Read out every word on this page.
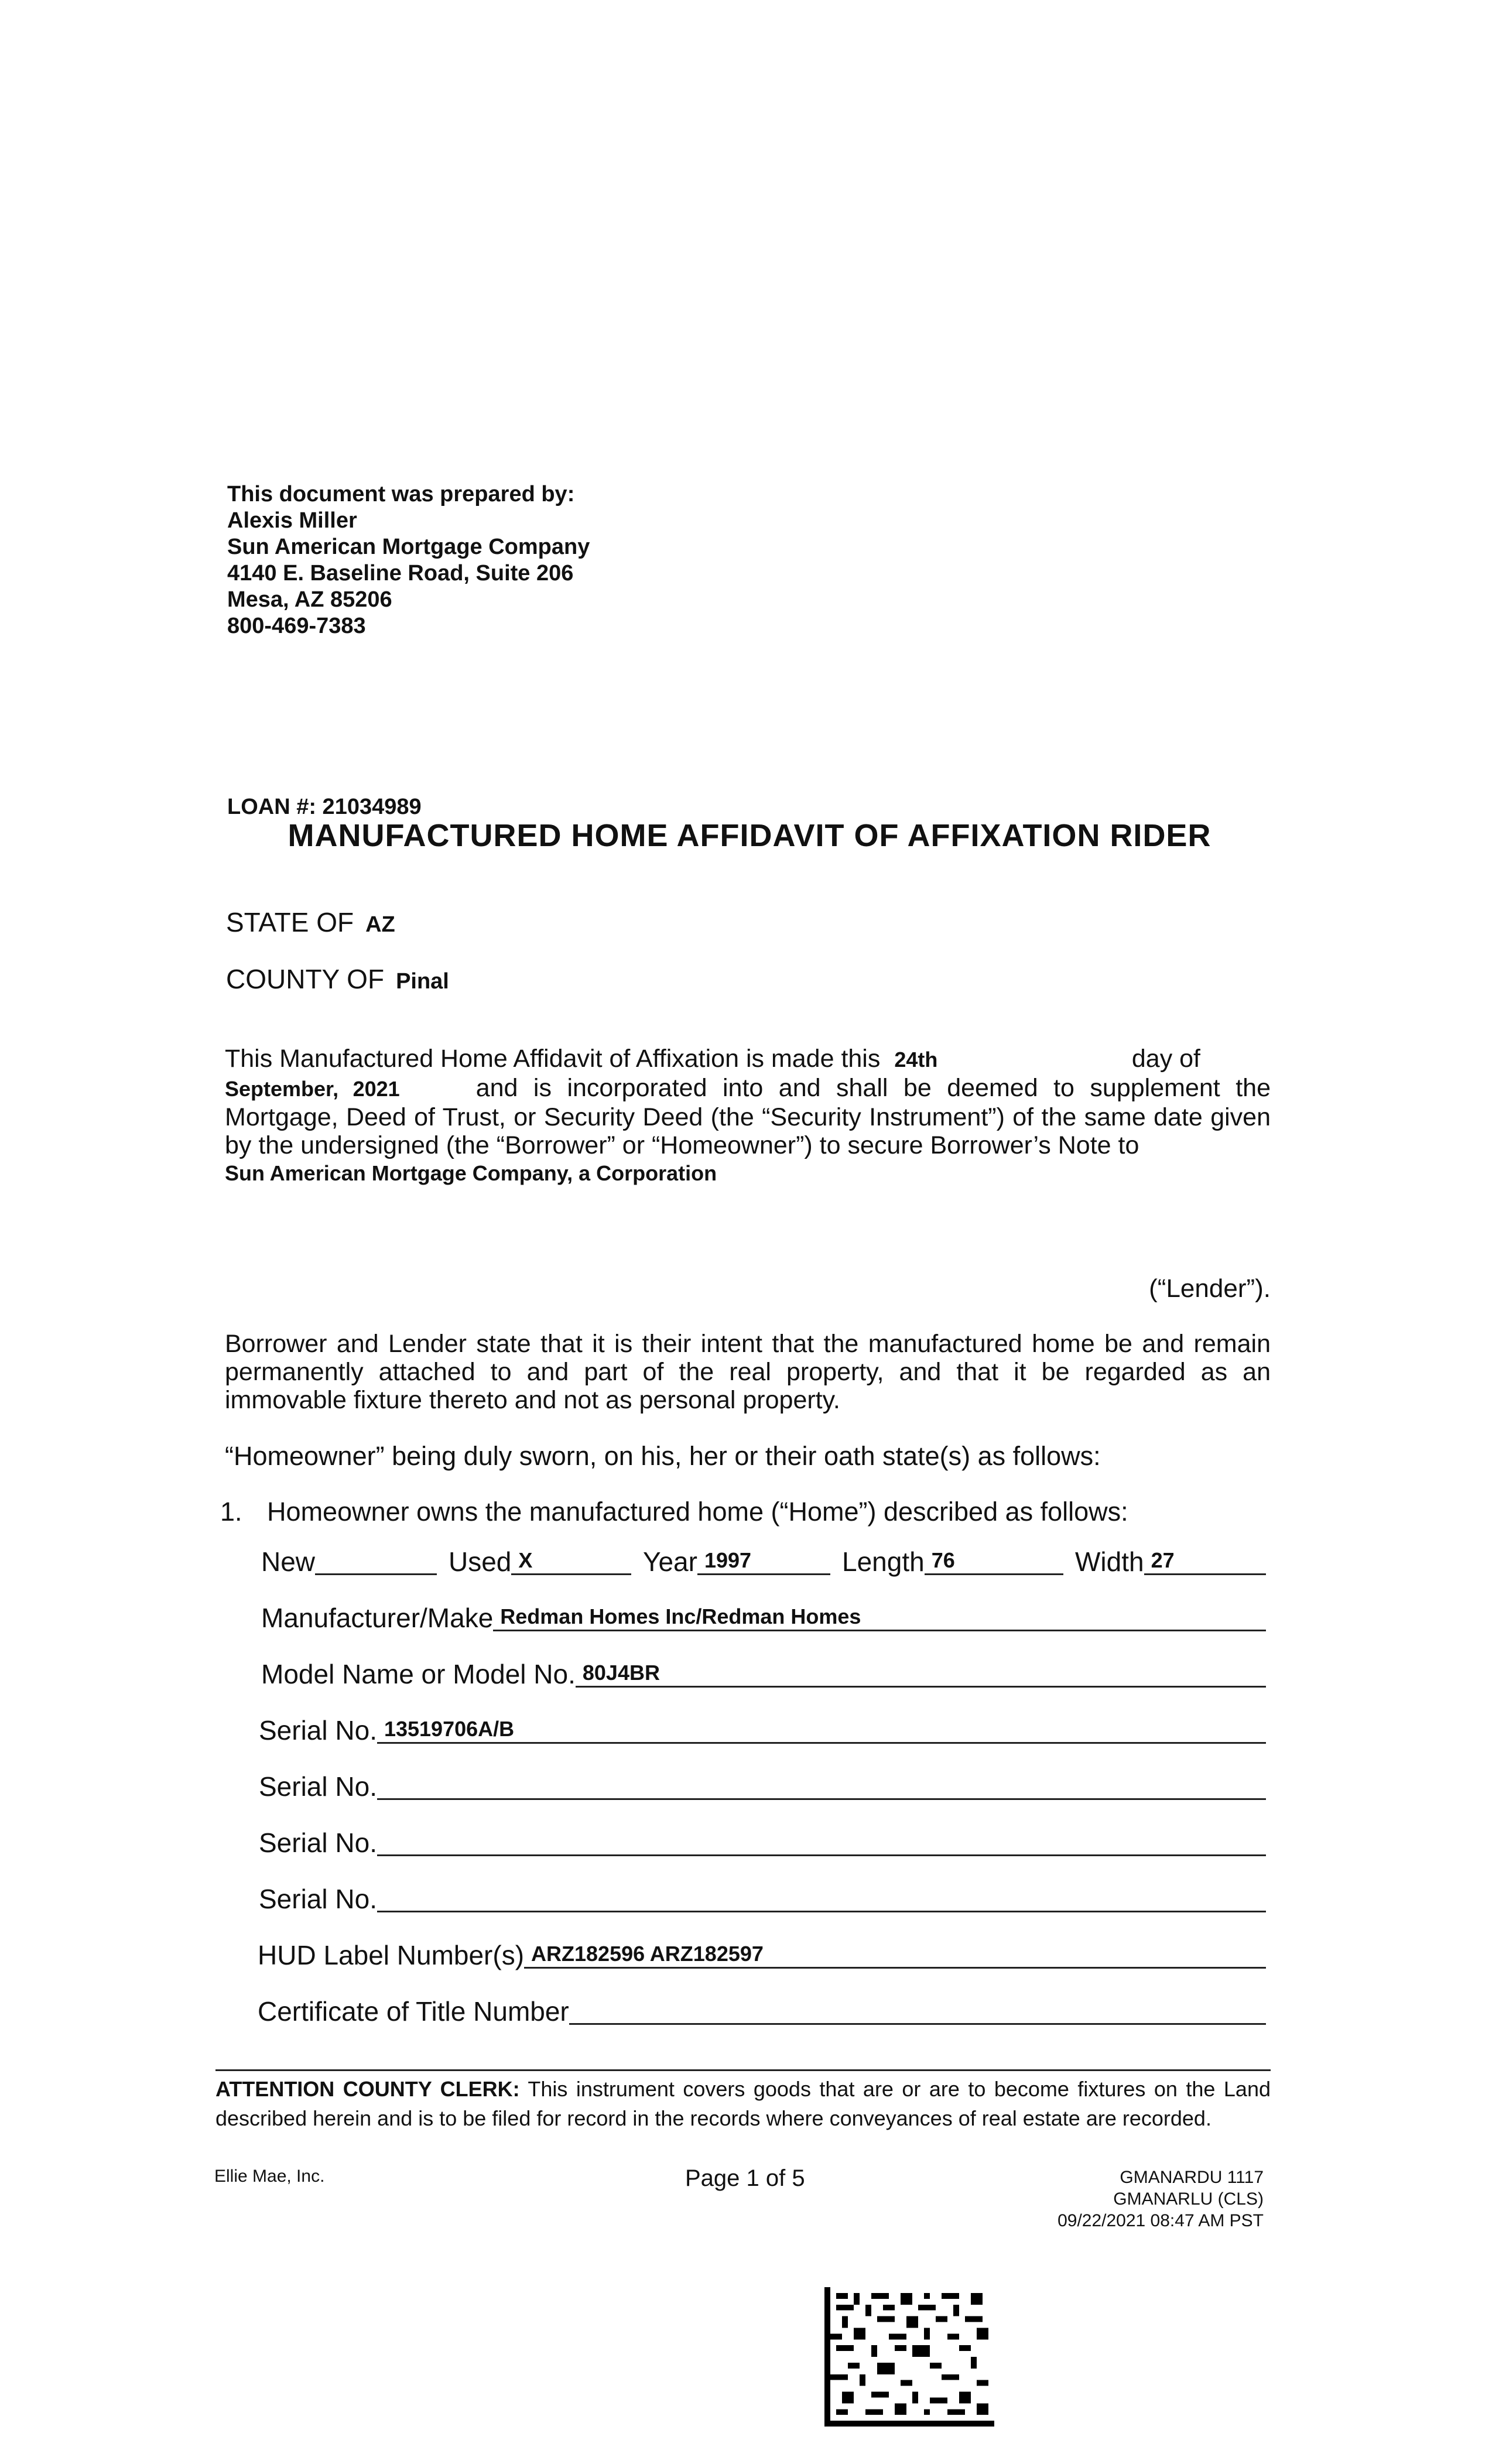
This document was prepared by:
Alexis Miller
Sun American Mortgage Company
4140 E. Baseline Road, Suite 206
Mesa, AZ 85206
800-469-7383
LOAN #: 21034989
MANUFACTURED HOME AFFIDAVIT OF AFFIXATION RIDER
STATE OF AZ
COUNTY OF Pinal
This Manufactured Home Affidavit of Affixation is made this 24th	day of
September, 2021	and is incorporated into and shall be deemed to supplement the Mortgage, Deed of Trust, or Security Deed (the “Security Instrument”) of the same date given by the undersigned (the “Borrower” or “Homeowner”) to secure Borrower’s Note to
Sun American Mortgage Company, a Corporation
(“Lender”).
Borrower and Lender state that it is their intent that the manufactured home be and remain permanently attached to and part of the real property, and that it be regarded as an immovable fixture thereto and not as personal property.
“Homeowner” being duly sworn, on his, her or their oath state(s) as follows:
1. Homeowner owns the manufactured home (“Home”) described as follows:
New	Used X	Year 1997	Length 76	Width 27
Manufacturer/Make Redman Homes Inc/Redman Homes
Model Name or Model No. 80J4BR
Serial No. 13519706A/B
Serial No.
Serial No.
Serial No.
HUD Label Number(s) ARZ182596 ARZ182597
Certificate of Title Number
ATTENTION COUNTY CLERK: This instrument covers goods that are or are to become fixtures on the Land described herein and is to be filed for record in the records where conveyances of real estate are recorded.
Ellie Mae, Inc.	Page 1 of 5	GMANARDU 1117
GMANARLU (CLS)
09/22/2021 08:47 AM PST
